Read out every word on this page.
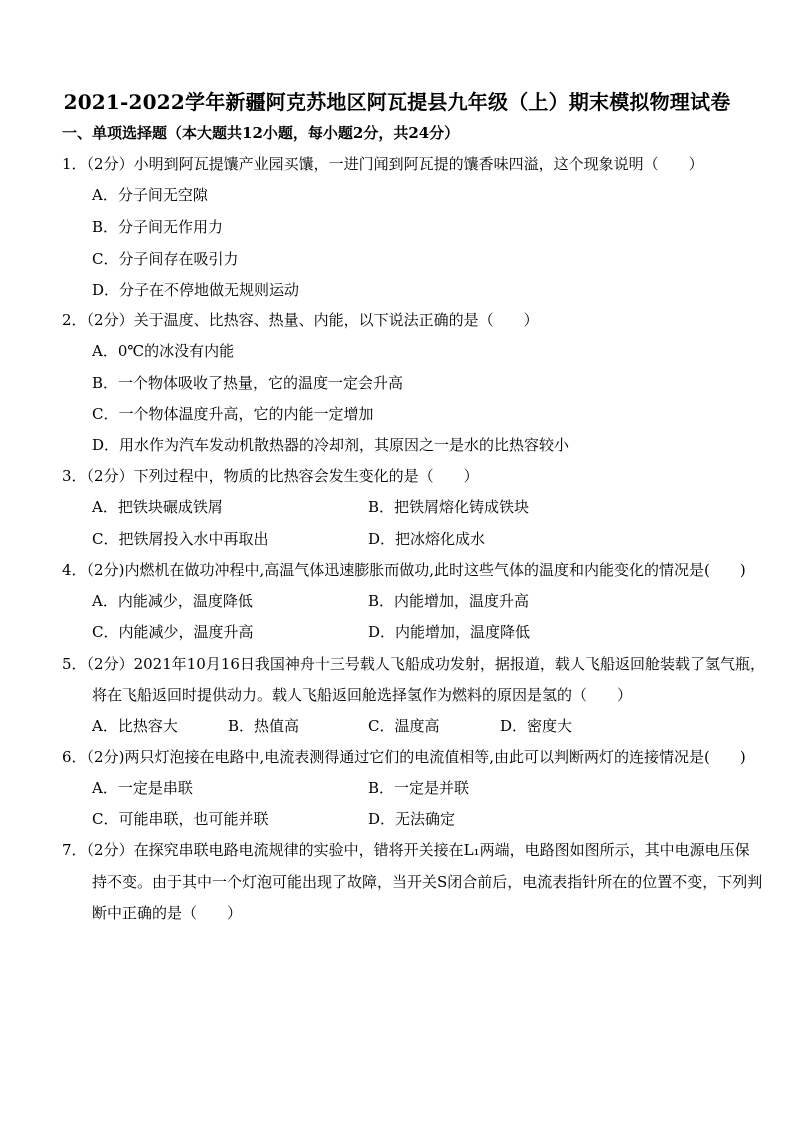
2021-2022学年新疆阿克苏地区阿瓦提县九年级（上）期末模拟物理试卷
一、单项选择题（本大题共12小题，每小题2分，共24分）
1．（2分）小明到阿瓦提馕产业园买馕，一进门闻到阿瓦提的馕香味四溢，这个现象说明（　　）
A．分子间无空隙
B．分子间无作用力
C．分子间存在吸引力
D．分子在不停地做无规则运动
2．（2分）关于温度、比热容、热量、内能，以下说法正确的是（　　）
A．0℃的冰没有内能
B．一个物体吸收了热量，它的温度一定会升高
C．一个物体温度升高，它的内能一定增加
D．用水作为汽车发动机散热器的冷却剂，其原因之一是水的比热容较小
3．（2分）下列过程中，物质的比热容会发生变化的是（　　）
A．把铁块碾成铁屑	B．把铁屑熔化铸成铁块
C．把铁屑投入水中再取出	D．把冰熔化成水
4．（2分)内燃机在做功冲程中,高温气体迅速膨胀而做功,此时这些气体的温度和内能变化的情况是(　　)
A．内能减少，温度降低	B．内能增加，温度升高
C．内能减少，温度升高	D．内能增加，温度降低
5．（2分）2021年10月16日我国神舟十三号载人飞船成功发射，据报道，载人飞船返回舱装载了氢气瓶，
将在飞船返回时提供动力。载人飞船返回舱选择氢作为燃料的原因是氢的（　　）
A．比热容大	B．热值高	C．温度高	D．密度大
6．（2分)两只灯泡接在电路中,电流表测得通过它们的电流值相等,由此可以判断两灯的连接情况是(　　)
A．一定是串联	B．一定是并联
C．可能串联，也可能并联	D．无法确定
7．（2分）在探究串联电路电流规律的实验中，错将开关接在L₁两端，电路图如图所示，其中电源电压保
持不变。由于其中一个灯泡可能出现了故障，当开关S闭合前后，电流表指针所在的位置不变，下列判
断中正确的是（　　）
